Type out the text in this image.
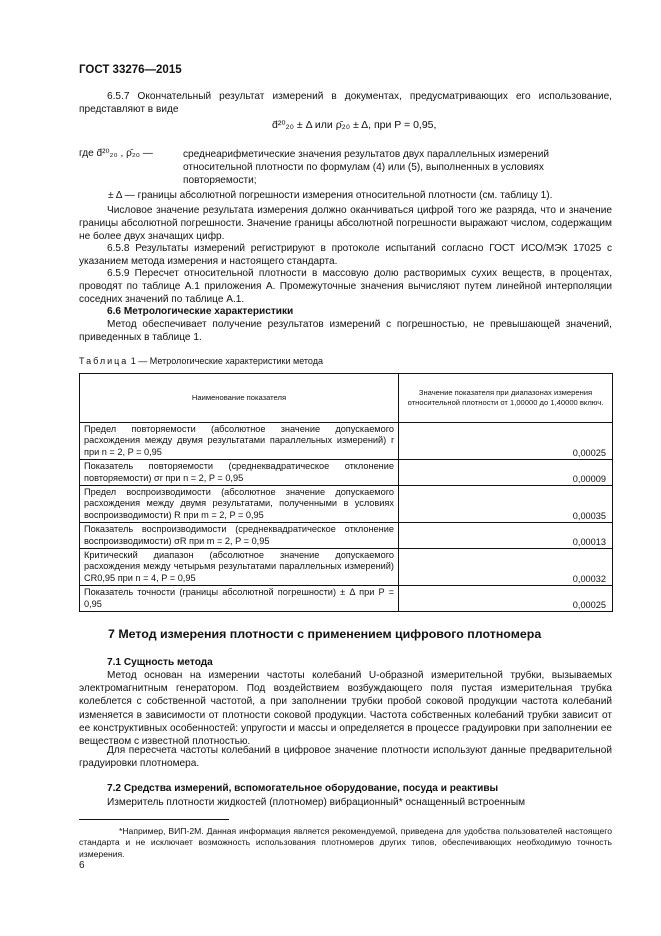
ГОСТ 33276—2015

6.5.7 Окончательный результат измерений в документах, предусматривающих его использование, представляют в виде

d̄²⁰₂₀ ± Δ или ρ̄₂₀ ± Δ, при P = 0,95,
где d̄²⁰₂₀ , ρ̄₂₀ —	среднеарифметические значения результатов двух параллельных измерений относительной плотности по формулам (4) или (5), выполненных в условиях повторяемости;
± Δ — границы абсолютной погрешности измерения относительной плотности (см. таблицу 1).

Числовое значение результата измерения должно оканчиваться цифрой того же разряда, что и значение границы абсолютной погрешности. Значение границы абсолютной погрешности выражают числом, содержащим не более двух значащих цифр.

6.5.8 Результаты измерений регистрируют в протоколе испытаний согласно ГОСТ ИСО/МЭК 17025 с указанием метода измерения и настоящего стандарта.

6.5.9 Пересчет относительной плотности в массовую долю растворимых сухих веществ, в процентах, проводят по таблице А.1 приложения А. Промежуточные значения вычисляют путем линейной интерполяции соседних значений по таблице А.1.

6.6 Метрологические характеристики

Метод обеспечивает получение результатов измерений с погрешностью, не превышающей значений, приведенных в таблице 1.

Таблица 1 — Метрологические характеристики метода
Наименование показателя	Значение показателя при диапазонах измерения относительной плотности от 1,00000 до 1,40000 включ.
Предел повторяемости (абсолютное значение допускаемого расхождения между двумя результатами параллельных измерений) r при n = 2, P = 0,95	0,00025
Показатель повторяемости (среднеквадратическое отклонение повторяемости) σr при n = 2, P = 0,95	0,00009
Предел воспроизводимости (абсолютное значение допускаемого расхождения между двумя результатами, полученными в условиях воспроизводимости) R при m = 2, P = 0,95	0,00035
Показатель воспроизводимости (среднеквадратическое отклонение воспроизводимости) σR при m = 2, P = 0,95	0,00013
Критический диапазон (абсолютное значение допускаемого расхождения между четырьмя результатами параллельных измерений) CR0,95 при n = 4, P = 0,95	0,00032
Показатель точности (границы абсолютной погрешности) ± Δ при P = 0,95	0,00025
7 Метод измерения плотности с применением цифрового плотномера

7.1 Сущность метода

Метод основан на измерении частоты колебаний U-образной измерительной трубки, вызываемых электромагнитным генератором. Под воздействием возбуждающего поля пустая измерительная трубка колеблется с собственной частотой, а при заполнении трубки пробой соковой продукции частота колебаний изменяется в зависимости от плотности соковой продукции. Частота собственных колебаний трубки зависит от ее конструктивных особенностей: упругости и массы и определяется в процессе градуировки при заполнении ее веществом с известной плотностью.

Для пересчета частоты колебаний в цифровое значение плотности используют данные предварительной градуировки плотномера.

7.2 Средства измерений, вспомогательное оборудование, посуда и реактивы

Измеритель плотности жидкостей (плотномер) вибрационный* оснащенный встроенным

*Например, ВИП-2М. Данная информация является рекомендуемой, приведена для удобства пользователей настоящего стандарта и не исключает возможность использования плотномеров других типов, обеспечивающих необходимую точность измерения.

6
